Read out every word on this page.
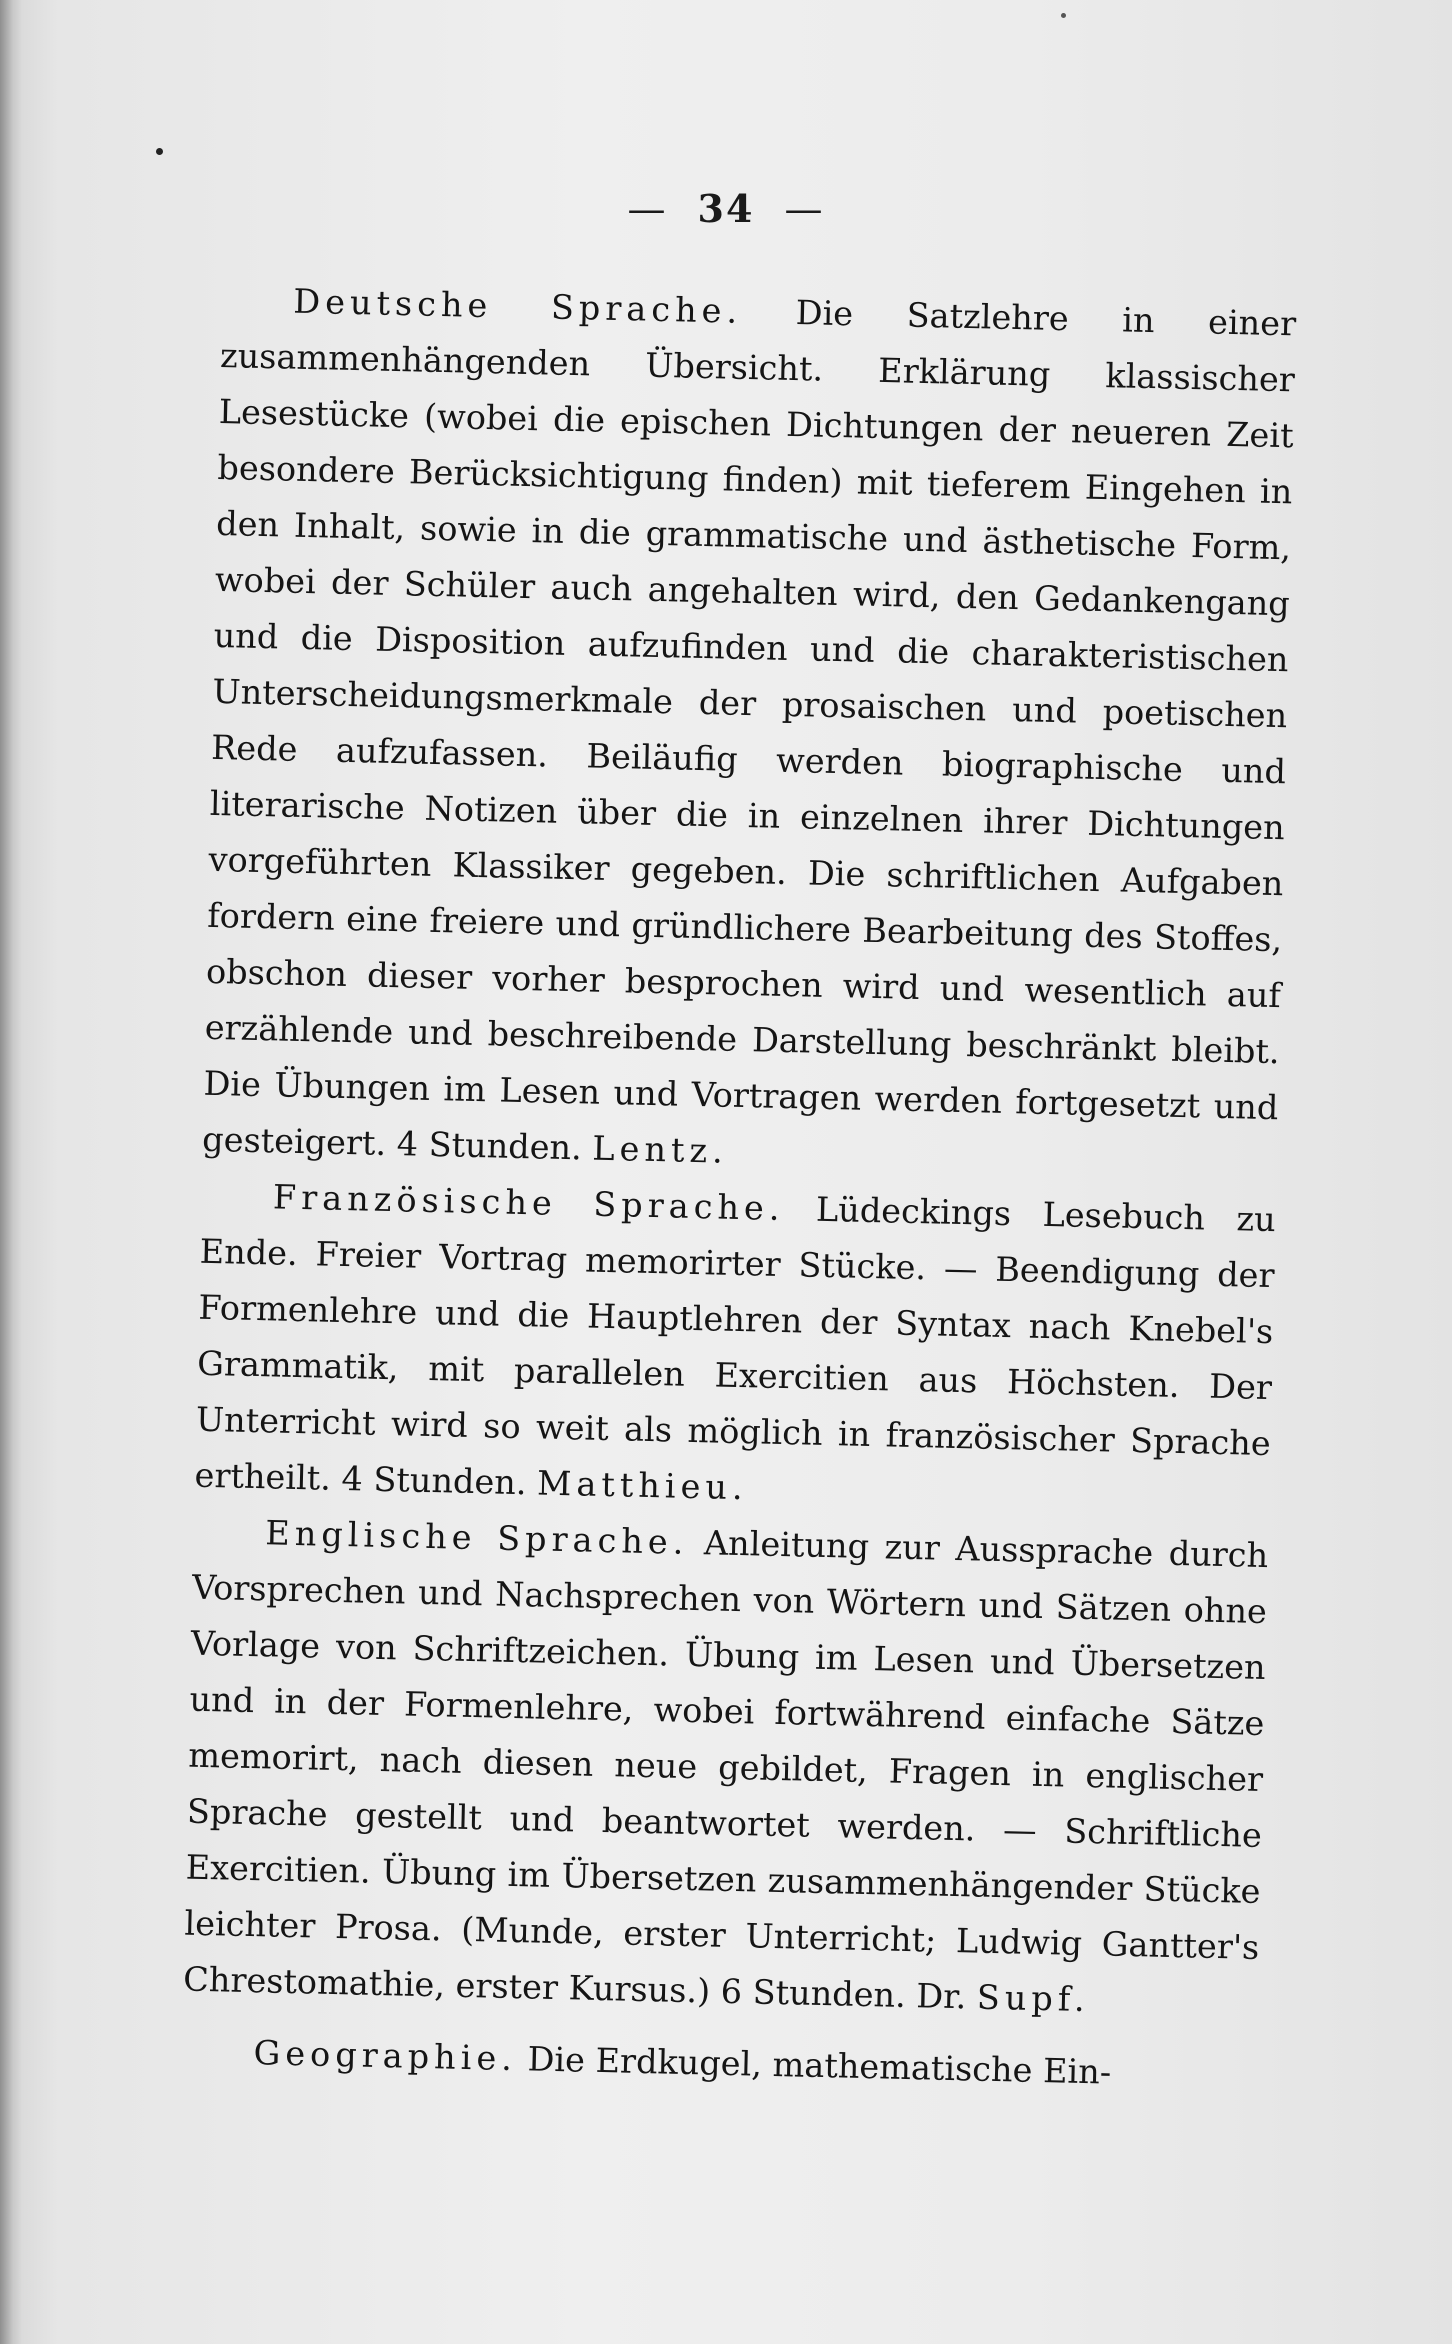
— 34 —

Deutsche Sprache. Die Satzlehre in einer zusammenhängenden Übersicht. Erklärung klassischer Lesestücke (wobei die epischen Dichtungen der neueren Zeit besondere Berücksichtigung finden) mit tieferem Eingehen in den Inhalt, sowie in die grammatische und ästhetische Form, wobei der Schüler auch angehalten wird, den Gedankengang und die Disposition aufzufinden und die charakteristischen Unterscheidungsmerkmale der prosaischen und poetischen Rede aufzufassen. Beiläufig werden biographische und literarische Notizen über die in einzelnen ihrer Dichtungen vorgeführten Klassiker gegeben. Die schriftlichen Aufgaben fordern eine freiere und gründlichere Bearbeitung des Stoffes, obschon dieser vorher besprochen wird und wesentlich auf erzählende und beschreibende Darstellung beschränkt bleibt. Die Übungen im Lesen und Vortragen werden fortgesetzt und gesteigert. 4 Stunden. Lentz.

Französische Sprache. Lüdeckings Lesebuch zu Ende. Freier Vortrag memorirter Stücke. — Beendigung der Formenlehre und die Hauptlehren der Syntax nach Knebel's Grammatik, mit parallelen Exercitien aus Höchsten. Der Unterricht wird so weit als möglich in französischer Sprache ertheilt. 4 Stunden. Matthieu.

Englische Sprache. Anleitung zur Aussprache durch Vorsprechen und Nachsprechen von Wörtern und Sätzen ohne Vorlage von Schriftzeichen. Übung im Lesen und Übersetzen und in der Formenlehre, wobei fortwährend einfache Sätze memorirt, nach diesen neue gebildet, Fragen in englischer Sprache gestellt und beantwortet werden. — Schriftliche Exercitien. Übung im Übersetzen zusammenhängender Stücke leichter Prosa. (Munde, erster Unterricht; Ludwig Gantter's Chrestomathie, erster Kursus.) 6 Stunden. Dr. Supf.

Geographie. Die Erdkugel, mathematische Ein-
